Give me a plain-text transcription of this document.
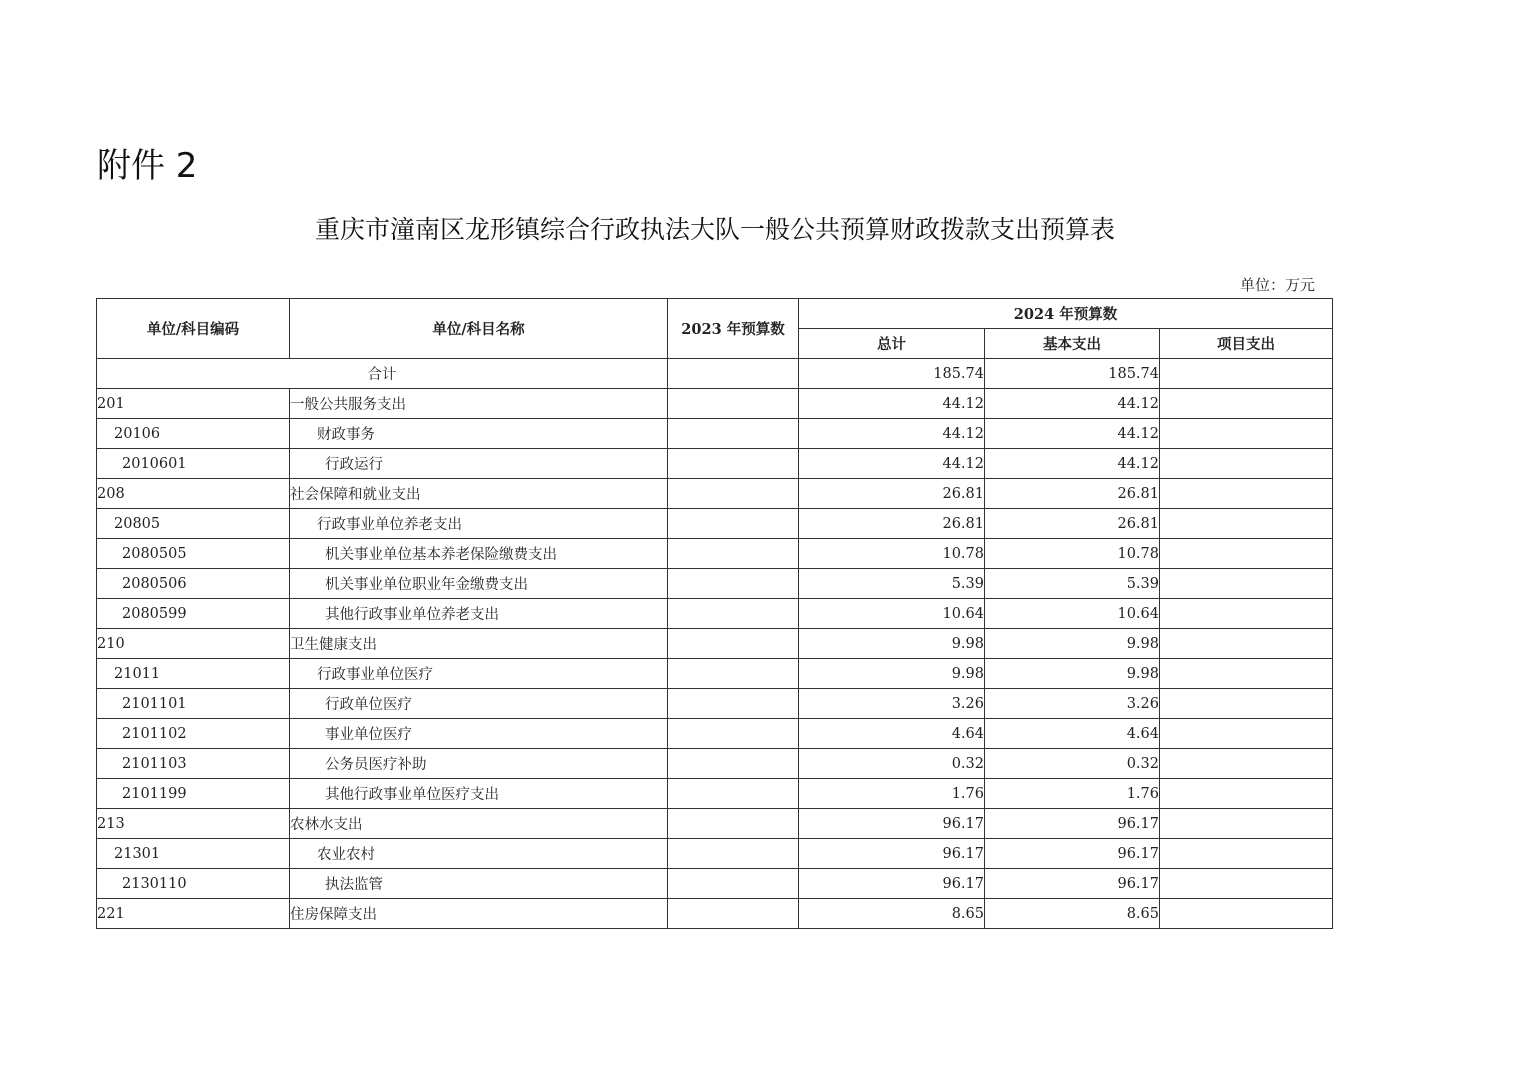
附件 2
重庆市潼南区龙形镇综合行政执法大队一般公共预算财政拨款支出预算表
单位：万元
单位/科目编码	单位/科目名称	2023 年预算数	2024 年预算数		
			总计	基本支出	项目支出
合计			185.74	185.74	
201	一般公共服务支出		44.12	44.12	
20106	财政事务		44.12	44.12	
2010601	行政运行		44.12	44.12	
208	社会保障和就业支出		26.81	26.81	
20805	行政事业单位养老支出		26.81	26.81	
2080505	机关事业单位基本养老保险缴费支出		10.78	10.78	
2080506	机关事业单位职业年金缴费支出		5.39	5.39	
2080599	其他行政事业单位养老支出		10.64	10.64	
210	卫生健康支出		9.98	9.98	
21011	行政事业单位医疗		9.98	9.98	
2101101	行政单位医疗		3.26	3.26	
2101102	事业单位医疗		4.64	4.64	
2101103	公务员医疗补助		0.32	0.32	
2101199	其他行政事业单位医疗支出		1.76	1.76	
213	农林水支出		96.17	96.17	
21301	农业农村		96.17	96.17	
2130110	执法监管		96.17	96.17	
221	住房保障支出		8.65	8.65	
